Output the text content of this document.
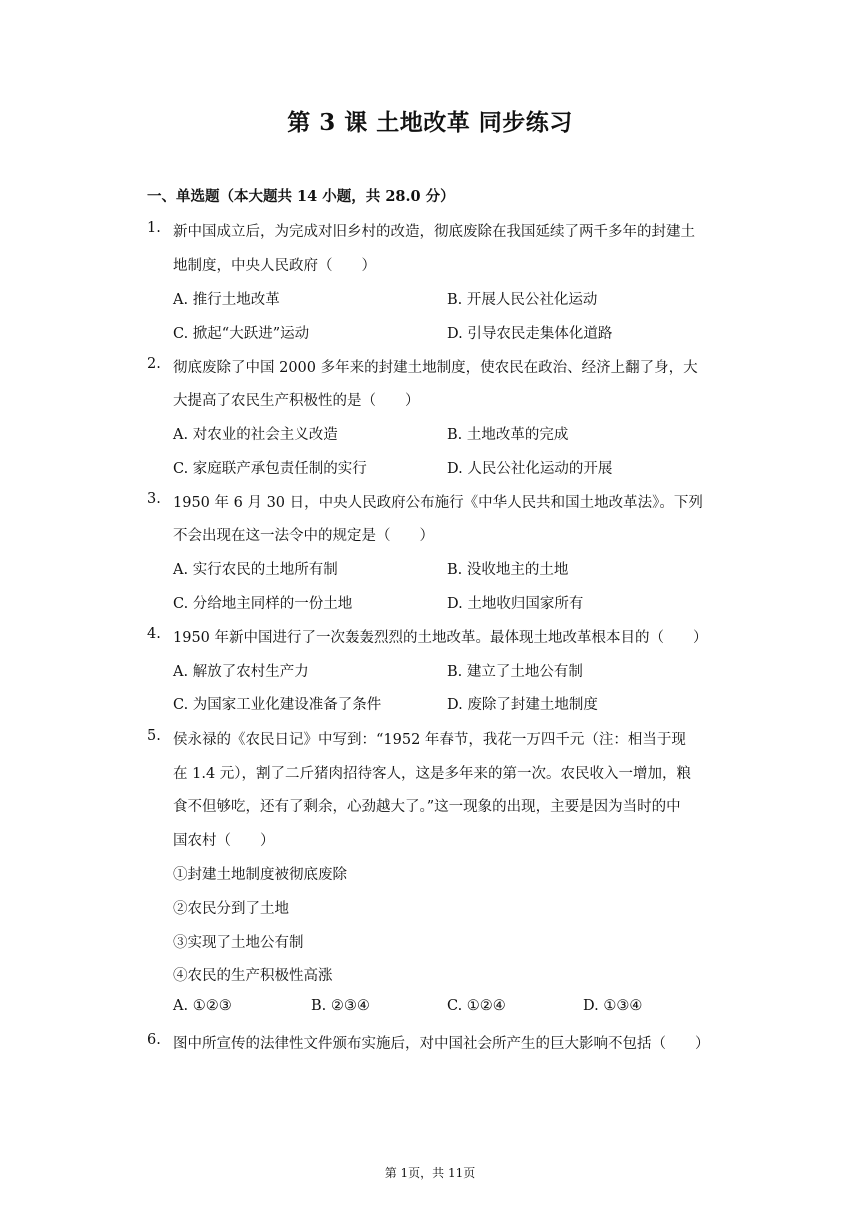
第 3 课 土地改革 同步练习
一、单选题（本大题共 14 小题，共 28.0 分）
1. 新中国成立后，为完成对旧乡村的改造，彻底废除在我国延续了两千多年的封建土
地制度，中央人民政府（　　）
A. 推行土地改革	B. 开展人民公社化运动
C. 掀起“大跃进”运动	D. 引导农民走集体化道路
2. 彻底废除了中国 2000 多年来的封建土地制度，使农民在政治、经济上翻了身，大
大提高了农民生产积极性的是（　　）
A. 对农业的社会主义改造	B. 土地改革的完成
C. 家庭联产承包责任制的实行	D. 人民公社化运动的开展
3. 1950 年 6 月 30 日，中央人民政府公布施行《中华人民共和国土地改革法》。下列
不会出现在这一法令中的规定是（　　）
A. 实行农民的土地所有制	B. 没收地主的土地
C. 分给地主同样的一份土地	D. 土地收归国家所有
4. 1950 年新中国进行了一次轰轰烈烈的土地改革。最体现土地改革根本目的（　　）
A. 解放了农村生产力	B. 建立了土地公有制
C. 为国家工业化建设准备了条件	D. 废除了封建土地制度
5. 侯永禄的《农民日记》中写到：“1952 年春节，我花一万四千元（注：相当于现
在 1.4 元），割了二斤猪肉招待客人，这是多年来的第一次。农民收入一增加，粮
食不但够吃，还有了剩余，心劲越大了。”这一现象的出现，主要是因为当时的中
国农村（　　）
①封建土地制度被彻底废除
②农民分到了土地
③实现了土地公有制
④农民的生产积极性高涨
A. ①②③	B. ②③④	C. ①②④	D. ①③④
6. 图中所宣传的法律性文件颁布实施后，对中国社会所产生的巨大影响不包括（　　）
第 1页，共 11页
